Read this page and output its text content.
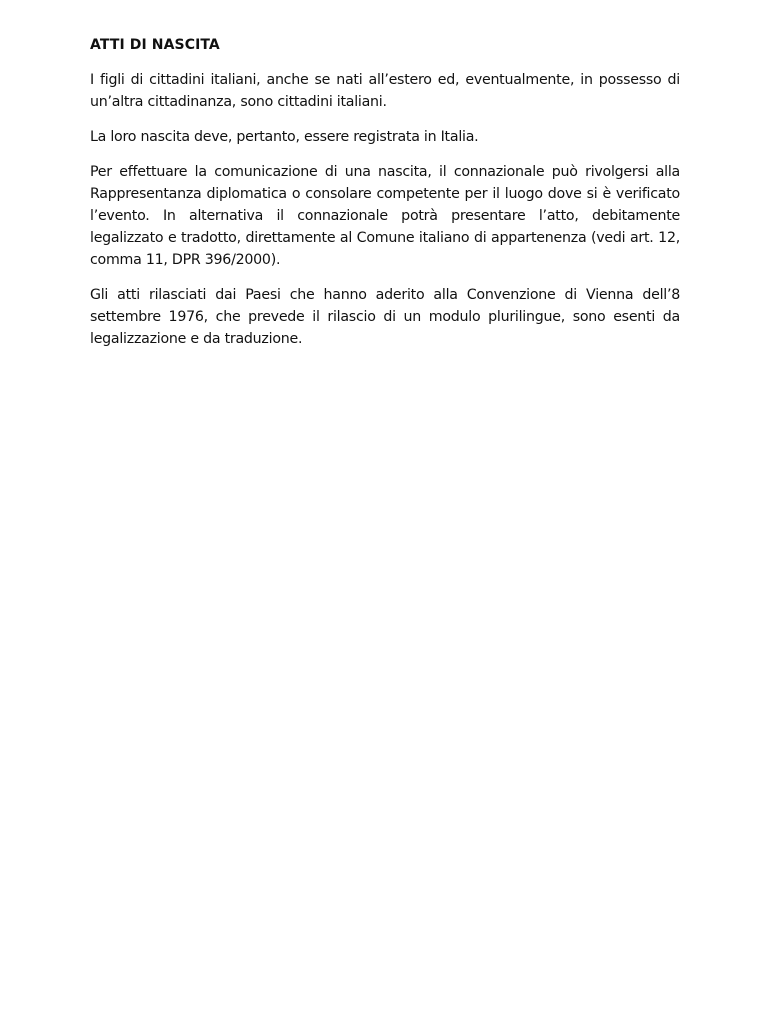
ATTI DI NASCITA

I figli di cittadini italiani, anche se nati all’estero ed, eventualmente, in possesso di un’altra cittadinanza, sono cittadini italiani.

La loro nascita deve, pertanto, essere registrata in Italia.

Per effettuare la comunicazione di una nascita, il connazionale può rivolgersi alla Rappresentanza diplomatica o consolare competente per il luogo dove si è verificato l’evento. In alternativa il connazionale potrà presentare l’atto, debitamente legalizzato e tradotto, direttamente al Comune italiano di appartenenza (vedi art. 12, comma 11, DPR 396/2000).

Gli atti rilasciati dai Paesi che hanno aderito alla Convenzione di Vienna dell’8 settembre 1976, che prevede il rilascio di un modulo plurilingue, sono esenti da legalizzazione e da traduzione.
